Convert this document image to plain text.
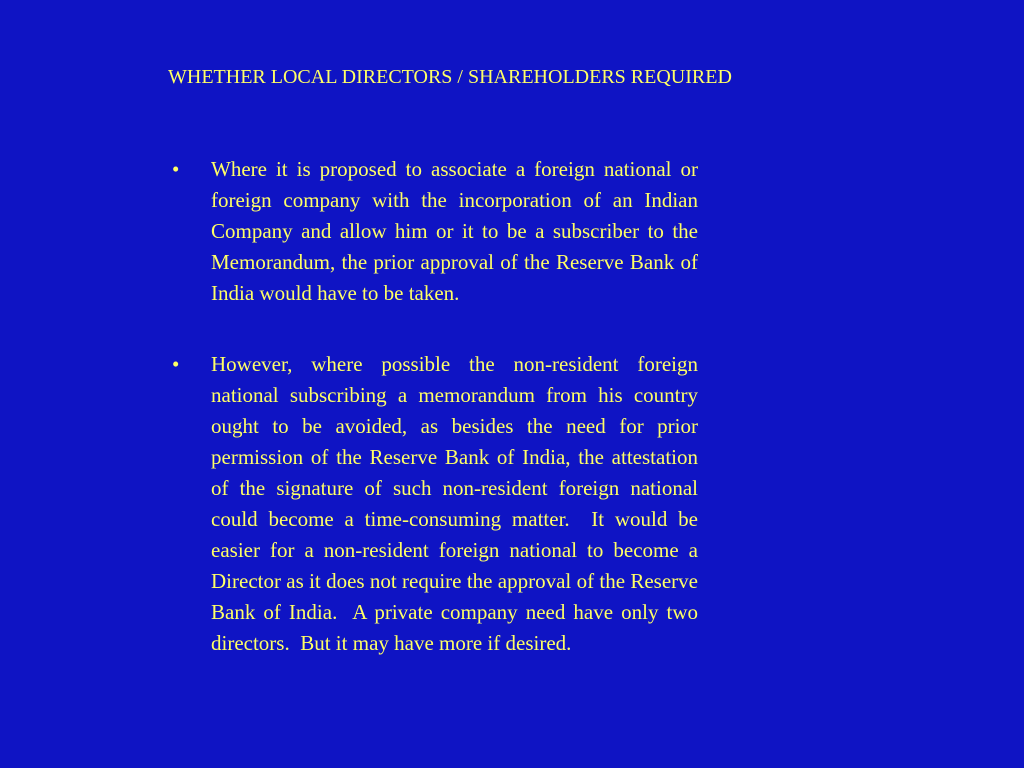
WHETHER LOCAL DIRECTORS / SHAREHOLDERS REQUIRED
• Where it is proposed to associate a foreign national or foreign company with the incorporation of an Indian Company and allow him or it to be a subscriber to the Memorandum, the prior approval of the Reserve Bank of India would have to be taken.
• However, where possible the non-resident foreign national subscribing a memorandum from his country ought to be avoided, as besides the need for prior permission of the Reserve Bank of India, the attestation of the signature of such non-resident foreign national could become a time-consuming matter.  It would be easier for a non-resident foreign national to become a Director as it does not require the approval of the Reserve Bank of India.  A private company need have only two directors.  But it may have more if desired.
